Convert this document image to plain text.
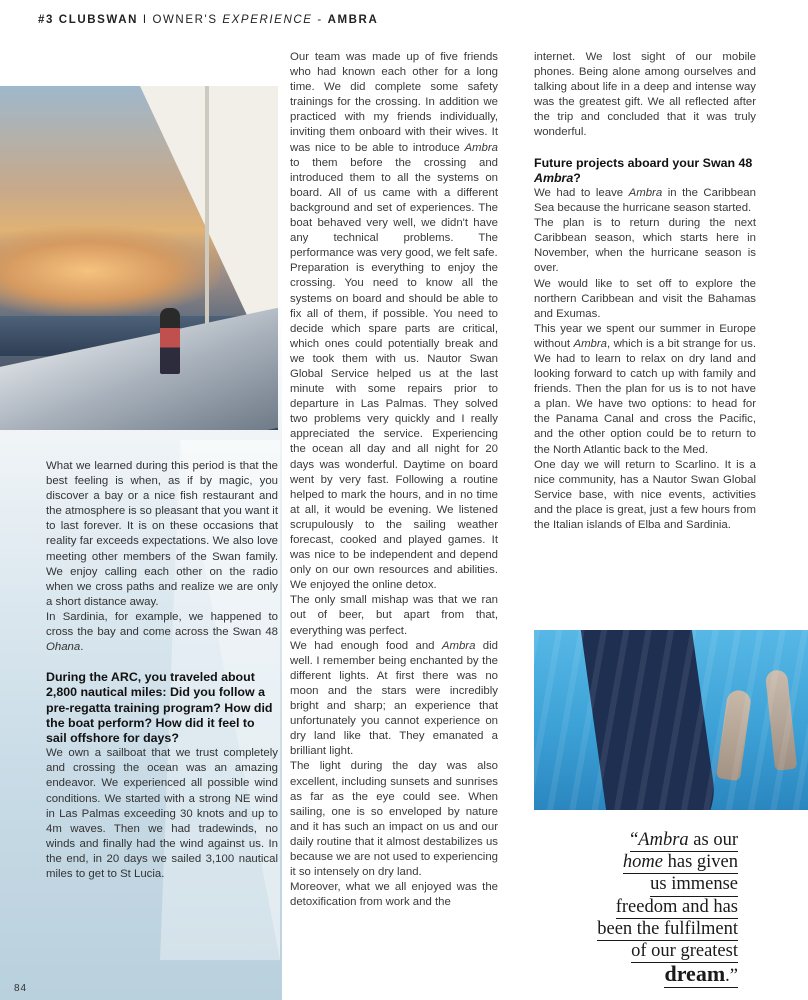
#3 CLUBSWAN I OWNER'S EXPERIENCE - AMBRA

What we learned during this period is that the best feeling is when, as if by magic, you discover a bay or a nice fish restaurant and the atmosphere is so pleasant that you want it to last forever. It is on these occasions that reality far exceeds expectations. We also love meeting other members of the Swan family. We enjoy calling each other on the radio when we cross paths and realize we are only a short distance away.

In Sardinia, for example, we happened to cross the bay and come across the Swan 48 Ohana.

During the ARC, you traveled about 2,800 nautical miles: Did you follow a pre-regatta training program? How did the boat perform? How did it feel to sail offshore for days?

We own a sailboat that we trust completely and crossing the ocean was an amazing endeavor. We experienced all possible wind conditions. We started with a strong NE wind in Las Palmas exceeding 30 knots and up to 4m waves. Then we had tradewinds, no winds and finally had the wind against us. In the end, in 20 days we sailed 3,100 nautical miles to get to St Lucia.

Our team was made up of five friends who had known each other for a long time. We did complete some safety trainings for the crossing. In addition we practiced with my friends individually, inviting them onboard with their wives. It was nice to be able to introduce Ambra to them before the crossing and introduced them to all the systems on board. All of us came with a different background and set of experiences. The boat behaved very well, we didn't have any technical problems. The performance was very good, we felt safe.

Preparation is everything to enjoy the crossing. You need to know all the systems on board and should be able to fix all of them, if possible. You need to decide which spare parts are critical, which ones could potentially break and we took them with us. Nautor Swan Global Service helped us at the last minute with some repairs prior to departure in Las Palmas. They solved two problems very quickly and I really appreciated the service. Experiencing the ocean all day and all night for 20 days was wonderful. Daytime on board went by very fast. Following a routine helped to mark the hours, and in no time at all, it would be evening. We listened scrupulously to the sailing weather forecast, cooked and played games. It was nice to be independent and depend only on our own resources and abilities. We enjoyed the online detox.

The only small mishap was that we ran out of beer, but apart from that, everything was perfect.

We had enough food and Ambra did well. I remember being enchanted by the different lights. At first there was no moon and the stars were incredibly bright and sharp; an experience that unfortunately you cannot experience on dry land like that. They emanated a brilliant light.

The light during the day was also excellent, including sunsets and sunrises as far as the eye could see. When sailing, one is so enveloped by nature and it has such an impact on us and our daily routine that it almost destabilizes us because we are not used to experiencing it so intensely on dry land.

Moreover, what we all enjoyed was the detoxification from work and the

internet. We lost sight of our mobile phones. Being alone among ourselves and talking about life in a deep and intense way was the greatest gift. We all reflected after the trip and concluded that it was truly wonderful.

Future projects aboard your Swan 48 Ambra?

We had to leave Ambra in the Caribbean Sea because the hurricane season started.

The plan is to return during the next Caribbean season, which starts here in November, when the hurricane season is over.

We would like to set off to explore the northern Caribbean and visit the Bahamas and Exumas.

This year we spent our summer in Europe without Ambra, which is a bit strange for us. We had to learn to relax on dry land and looking forward to catch up with family and friends. Then the plan for us is to not have a plan. We have two options: to head for the Panama Canal and cross the Pacific, and the other option could be to return to the North Atlantic back to the Med.

One day we will return to Scarlino. It is a nice community, has a Nautor Swan Global Service base, with nice events, activities and the place is great, just a few hours from the Italian islands of Elba and Sardinia.

“Ambra as our

home has given

us immense

freedom and has

been the fulfilment

of our greatest

dream.”

84
